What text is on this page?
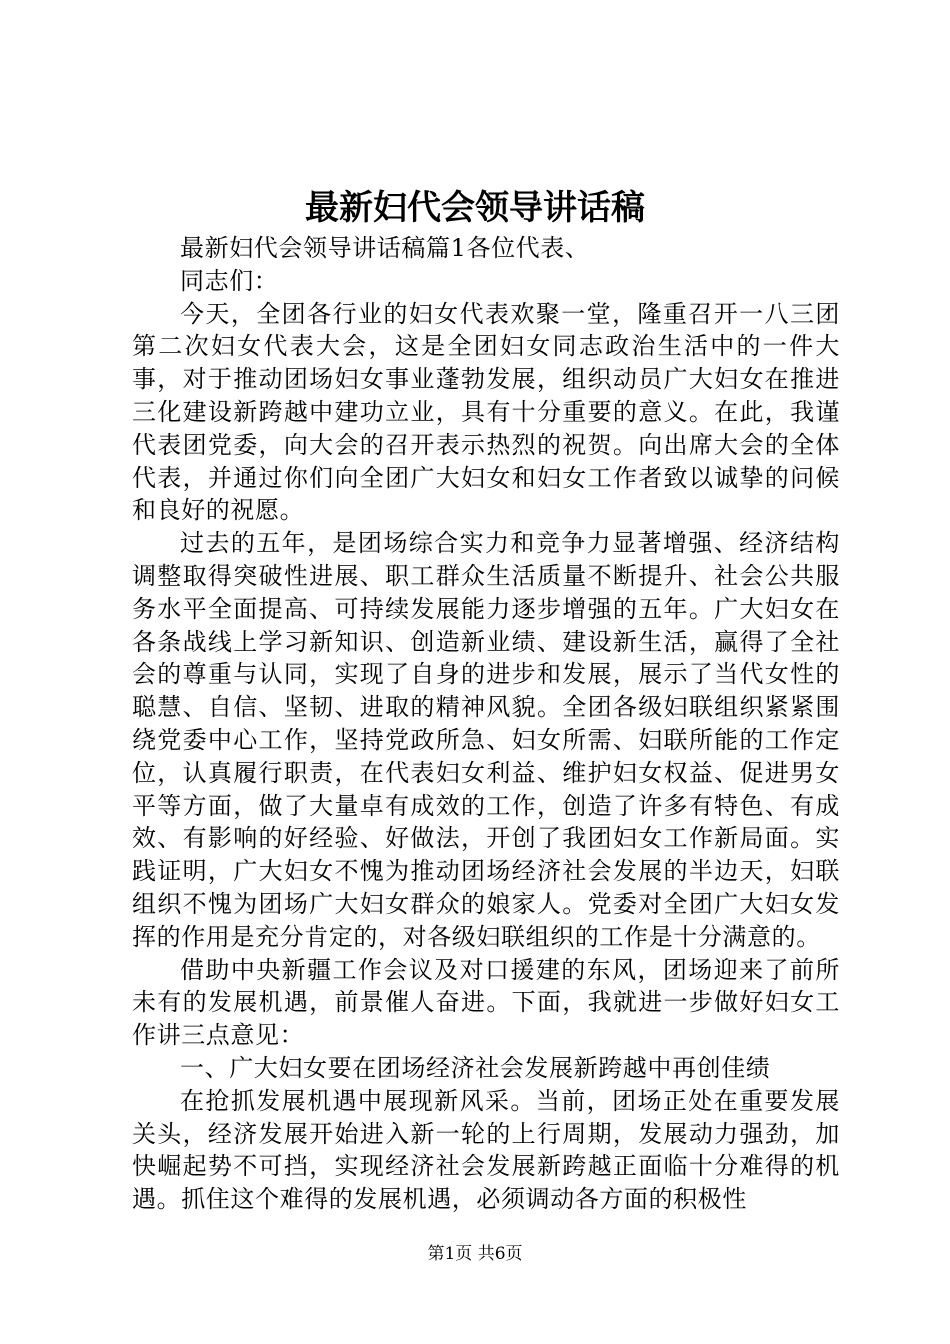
最新妇代会领导讲话稿

最新妇代会领导讲话稿篇1各位代表、

同志们：

今天，全团各行业的妇女代表欢聚一堂，隆重召开一八三团第二次妇女代表大会，这是全团妇女同志政治生活中的一件大事，对于推动团场妇女事业蓬勃发展，组织动员广大妇女在推进三化建设新跨越中建功立业，具有十分重要的意义。在此，我谨代表团党委，向大会的召开表示热烈的祝贺。向出席大会的全体代表，并通过你们向全团广大妇女和妇女工作者致以诚挚的问候和良好的祝愿。

过去的五年，是团场综合实力和竞争力显著增强、经济结构调整取得突破性进展、职工群众生活质量不断提升、社会公共服务水平全面提高、可持续发展能力逐步增强的五年。广大妇女在各条战线上学习新知识、创造新业绩、建设新生活，赢得了全社会的尊重与认同，实现了自身的进步和发展，展示了当代女性的聪慧、自信、坚韧、进取的精神风貌。全团各级妇联组织紧紧围绕党委中心工作，坚持党政所急、妇女所需、妇联所能的工作定位，认真履行职责，在代表妇女利益、维护妇女权益、促进男女平等方面，做了大量卓有成效的工作，创造了许多有特色、有成效、有影响的好经验、好做法，开创了我团妇女工作新局面。实践证明，广大妇女不愧为推动团场经济社会发展的半边天，妇联组织不愧为团场广大妇女群众的娘家人。党委对全团广大妇女发挥的作用是充分肯定的，对各级妇联组织的工作是十分满意的。

借助中央新疆工作会议及对口援建的东风，团场迎来了前所未有的发展机遇，前景催人奋进。下面，我就进一步做好妇女工作讲三点意见：

一、广大妇女要在团场经济社会发展新跨越中再创佳绩

在抢抓发展机遇中展现新风采。当前，团场正处在重要发展关头，经济发展开始进入新一轮的上行周期，发展动力强劲，加快崛起势不可挡，实现经济社会发展新跨越正面临十分难得的机遇。抓住这个难得的发展机遇，必须调动各方面的积极性

第1页 共6页
